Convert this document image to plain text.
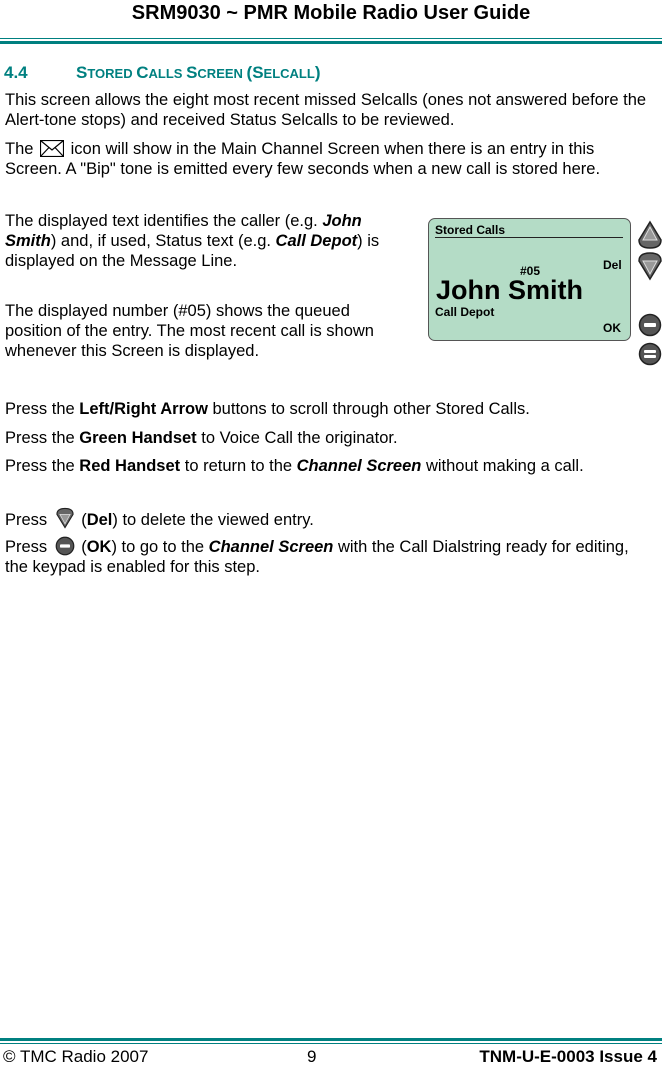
SRM9030 ~ PMR Mobile Radio User Guide
4.4	STORED CALLS SCREEN (SELCALL)
This screen allows the eight most recent missed Selcalls (ones not answered before the Alert-tone stops) and received Status Selcalls to be reviewed.
The  icon will show in the Main Channel Screen when there is an entry in this Screen. A "Bip" tone is emitted every few seconds when a new call is stored here.
The displayed text identifies the caller (e.g. John Smith) and, if used, Status text (e.g. Call Depot) is displayed on the Message Line.
The displayed number (#05) shows the queued position of the entry. The most recent call is shown whenever this Screen is displayed.
Stored Calls
#05	Del
John Smith
Call Depot
OK
Press the Left/Right Arrow buttons to scroll through other Stored Calls.
Press the Green Handset to Voice Call the originator.
Press the Red Handset to return to the Channel Screen without making a call.
Press (Del) to delete the viewed entry.
Press (OK) to go to the Channel Screen with the Call Dialstring ready for editing, the keypad is enabled for this step.
© TMC Radio 2007	9	TNM-U-E-0003 Issue 4
